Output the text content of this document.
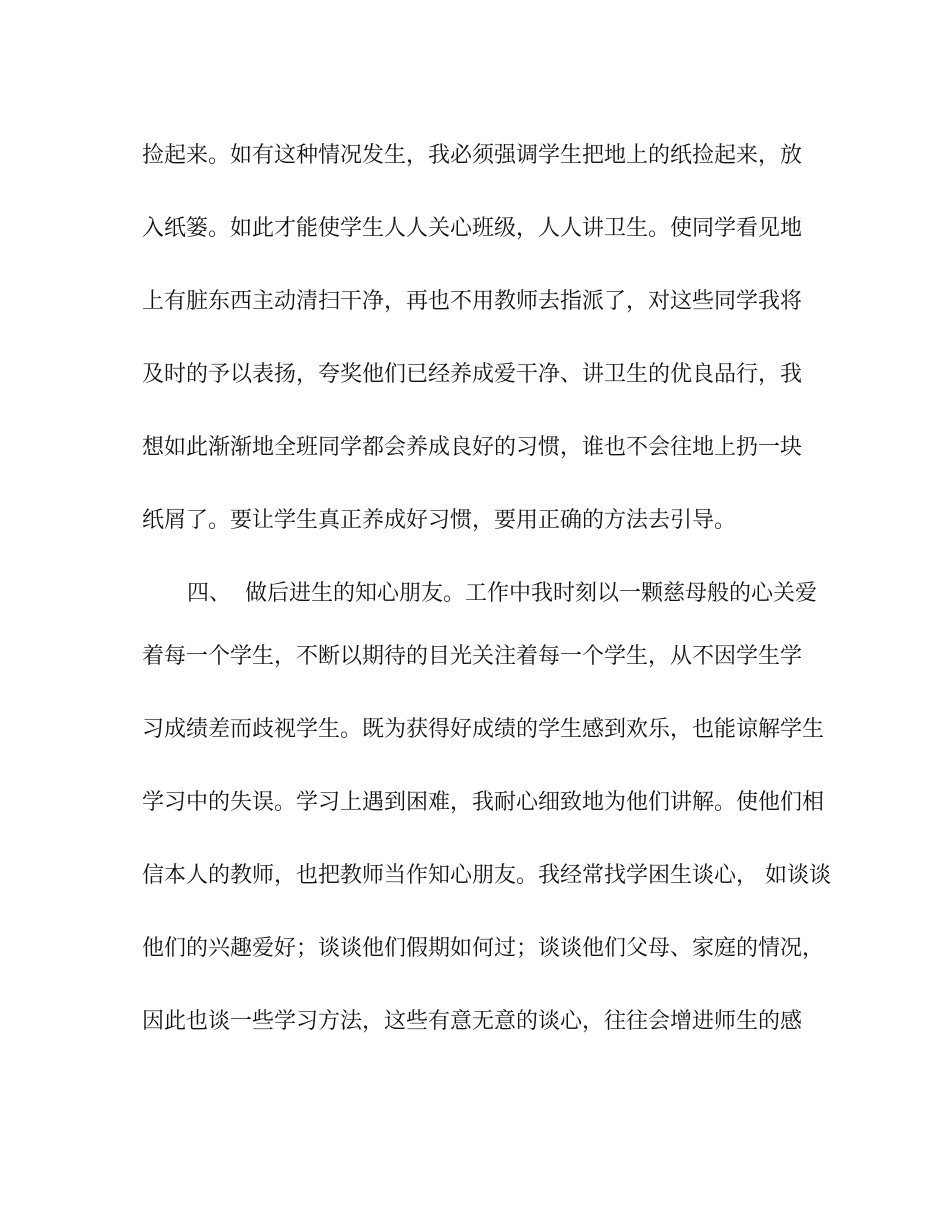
捡起来。如有这种情况发生，我必须强调学生把地上的纸捡起来，放

入纸篓。如此才能使学生人人关心班级，人人讲卫生。使同学看见地

上有脏东西主动清扫干净，再也不用教师去指派了，对这些同学我将

及时的予以表扬，夸奖他们已经养成爱干净、讲卫生的优良品行，我

想如此渐渐地全班同学都会养成良好的习惯，谁也不会往地上扔一块

纸屑了。要让学生真正养成好习惯，要用正确的方法去引导。

四、  做后进生的知心朋友。工作中我时刻以一颗慈母般的心关爱

着每一个学生，不断以期待的目光关注着每一个学生，从不因学生学

习成绩差而歧视学生。既为获得好成绩的学生感到欢乐，也能谅解学生

学习中的失误。学习上遇到困难，我耐心细致地为他们讲解。使他们相

信本人的教师，也把教师当作知心朋友。我经常找学困生谈心， 如谈谈

他们的兴趣爱好；谈谈他们假期如何过；谈谈他们父母、家庭的情况，

因此也谈一些学习方法，这些有意无意的谈心，往往会增进师生的感
